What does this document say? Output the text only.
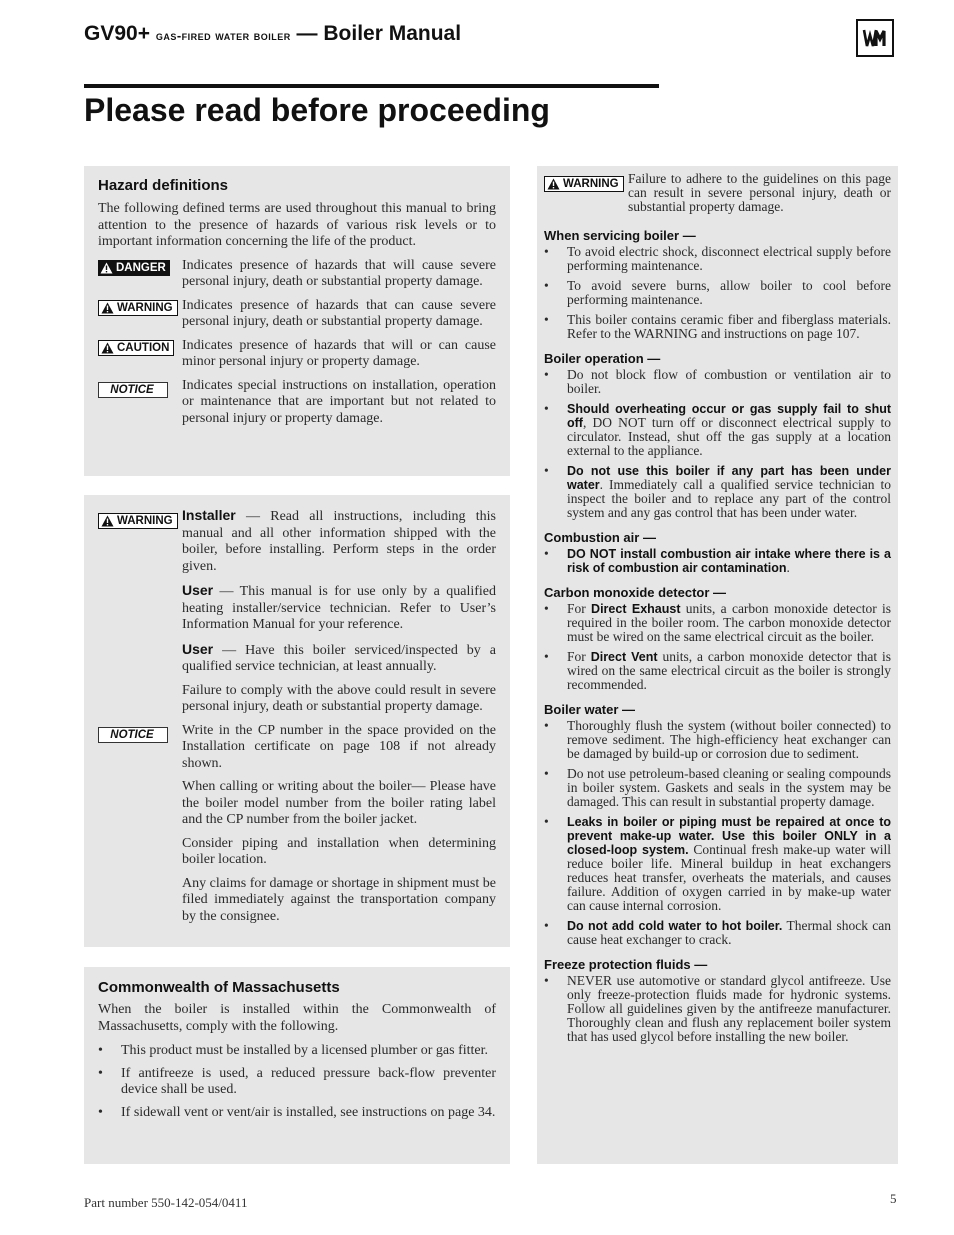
GV90+ gas-fired water boiler — Boiler Manual
Please read before proceeding
Hazard definitions
The following defined terms are used throughout this manual to bring attention to the presence of hazards of various risk levels or to important information concerning the life of the product.
DANGER Indicates presence of hazards that will cause severe personal injury, death or substantial property damage.
WARNING Indicates presence of hazards that can cause severe personal injury, death or substantial property damage.
CAUTION Indicates presence of hazards that will or can cause minor personal injury or property damage.
NOTICE	Indicates special instructions on installation, operation or maintenance that are important but not related to personal injury or property damage.
WARNING Installer — Read all instructions, including this manual and all other information shipped with the boiler, before installing. Perform steps in the order given.
User — This manual is for use only by a qualified heating installer/service technician. Refer to User’s Information Manual for your reference.
User — Have this boiler serviced/inspected by a qualified service technician, at least annually.
Failure to comply with the above could result in severe personal injury, death or substantial property damage.
NOTICE	Write in the CP number in the space provided on the Installation certificate on page 108 if not already shown.
When calling or writing about the boiler— Please have the boiler model number from the boiler rating label and the CP number from the boiler jacket.
Consider piping and installation when determining boiler location.
Any claims for damage or shortage in shipment must be filed immediately against the transportation company by the consignee.
Commonwealth of Massachusetts
When the boiler is installed within the Commonwealth of Massachusetts, comply with the following.
• This product must be installed by a licensed plumber or gas fitter.
• If antifreeze is used, a reduced pressure back-flow preventer device shall be used.
• If sidewall vent or vent/air is installed, see instructions on page 34.
WARNING Failure to adhere to the guidelines on this page can result in severe personal injury, death or substantial property damage.
When servicing boiler —
• To avoid electric shock, disconnect electrical supply before performing maintenance.
• To avoid severe burns, allow boiler to cool before performing maintenance.
• This boiler contains ceramic fiber and fiberglass materials. Refer to the WARNING and instructions on page 107.
Boiler operation —
• Do not block flow of combustion or ventilation air to boiler.
• Should overheating occur or gas supply fail to shut off, DO NOT turn off or disconnect electrical supply to circulator. Instead, shut off the gas supply at a location external to the appliance.
• Do not use this boiler if any part has been under water. Immediately call a qualified service technician to inspect the boiler and to replace any part of the control system and any gas control that has been under water.
Combustion air —
• DO NOT install combustion air intake where there is a risk of combustion air contamination.
Carbon monoxide detector —
• For Direct Exhaust units, a carbon monoxide detector is required in the boiler room. The carbon monoxide detector must be wired on the same electrical circuit as the boiler.
• For Direct Vent units, a carbon monoxide detector that is wired on the same electrical circuit as the boiler is strongly recommended.
Boiler water —
• Thoroughly flush the system (without boiler connected) to remove sediment. The high-efficiency heat exchanger can be damaged by build-up or corrosion due to sediment.
• Do not use petroleum-based cleaning or sealing compounds in boiler system. Gaskets and seals in the system may be damaged. This can result in substantial property damage.
• Leaks in boiler or piping must be repaired at once to prevent make-up water. Use this boiler ONLY in a closed-loop system. Continual fresh make-up water will reduce boiler life. Mineral buildup in heat exchangers reduces heat transfer, overheats the materials, and causes failure. Addition of oxygen carried in by make-up water can cause internal corrosion.
• Do not add cold water to hot boiler. Thermal shock can cause heat exchanger to crack.
Freeze protection fluids —
• NEVER use automotive or standard glycol antifreeze. Use only freeze-protection fluids made for hydronic systems. Follow all guidelines given by the antifreeze manufacturer. Thoroughly clean and flush any replacement boiler system that has used glycol before installing the new boiler.
Part number 550-142-054/0411	5
